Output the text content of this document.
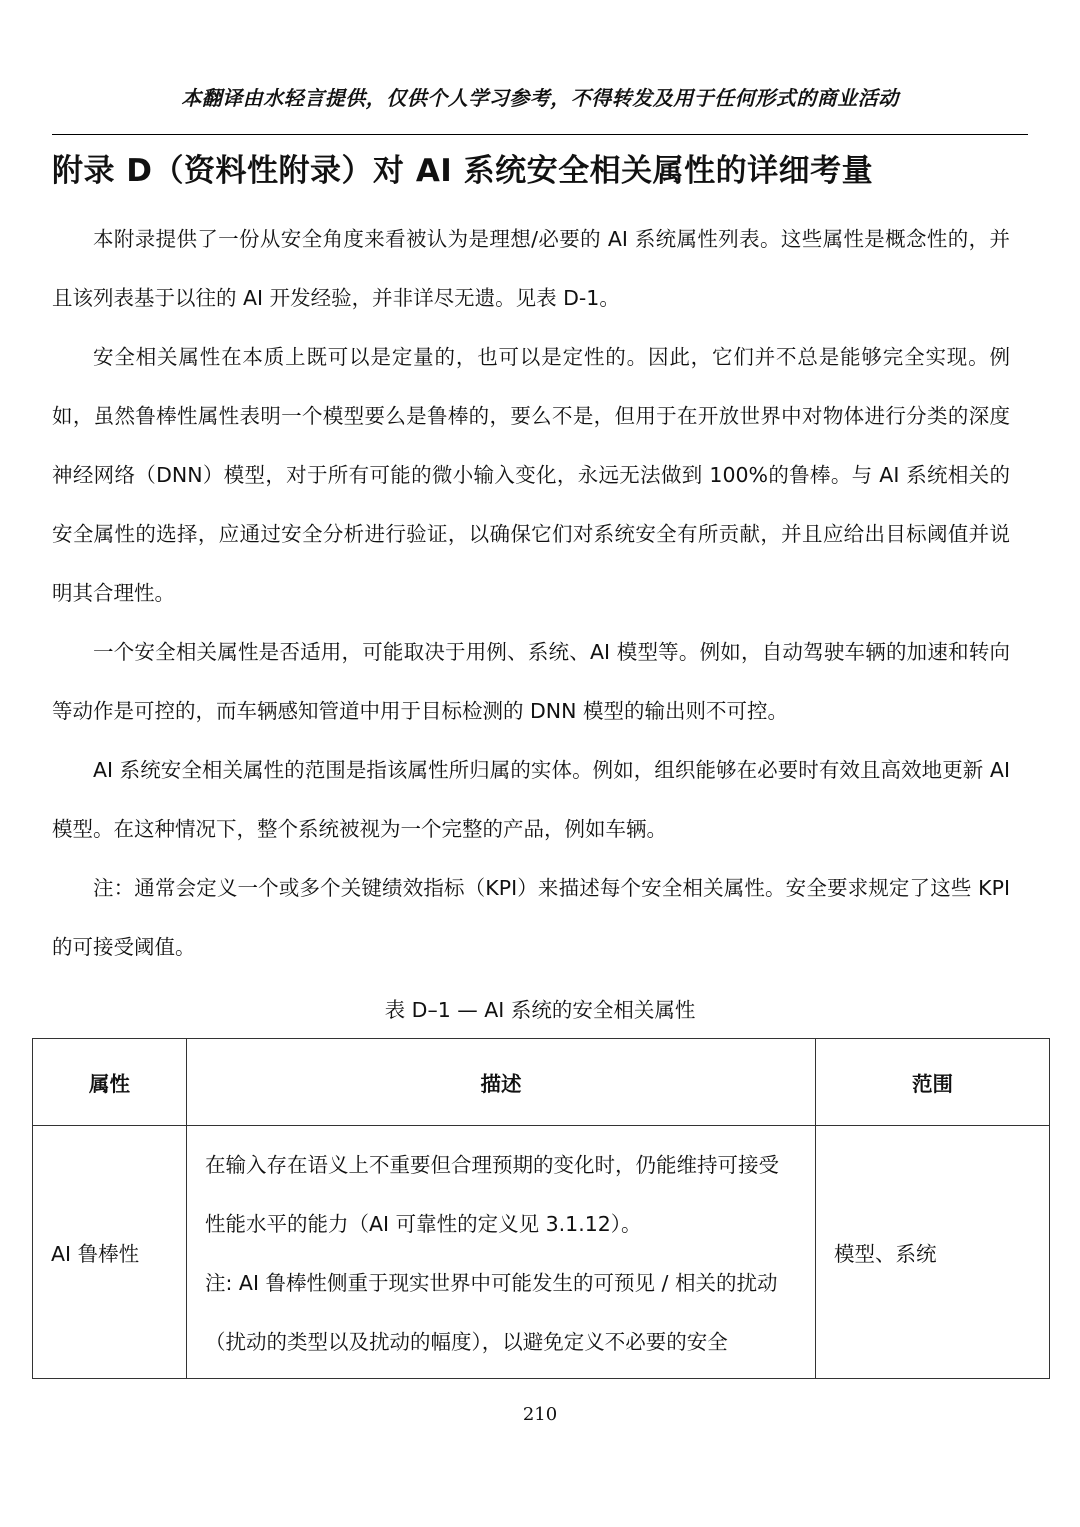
本翻译由水轻言提供，仅供个人学习参考，不得转发及用于任何形式的商业活动
附录 D（资料性附录）对 AI 系统安全相关属性的详细考量

本附录提供了一份从安全角度来看被认为是理想/必要的 AI 系统属性列表。这些属性是概念性的，并且该列表基于以往的 AI 开发经验，并非详尽无遗。见表 D-1。

安全相关属性在本质上既可以是定量的，也可以是定性的。因此，它们并不总是能够完全实现。例如，虽然鲁棒性属性表明一个模型要么是鲁棒的，要么不是，但用于在开放世界中对物体进行分类的深度神经网络（DNN）模型，对于所有可能的微小输入变化，永远无法做到 100%的鲁棒。与 AI 系统相关的安全属性的选择，应通过安全分析进行验证，以确保它们对系统安全有所贡献，并且应给出目标阈值并说明其合理性。

一个安全相关属性是否适用，可能取决于用例、系统、AI 模型等。例如，自动驾驶车辆的加速和转向等动作是可控的，而车辆感知管道中用于目标检测的 DNN 模型的输出则不可控。

AI 系统安全相关属性的范围是指该属性所归属的实体。例如，组织能够在必要时有效且高效地更新 AI 模型。在这种情况下，整个系统被视为一个完整的产品，例如车辆。

注：通常会定义一个或多个关键绩效指标（KPI）来描述每个安全相关属性。安全要求规定了这些 KPI 的可接受阈值。

表 D–1 — AI 系统的安全相关属性
属性	描述	范围
AI 鲁棒性	在输入存在语义上不重要但合理预期的变化时，仍能维持可接受性能水平的能力（AI 可靠性的定义见 3.1.12）。

注: AI 鲁棒性侧重于现实世界中可能发生的可预见 / 相关的扰动（扰动的类型以及扰动的幅度），以避免定义不必要的安全	模型、系统
210
